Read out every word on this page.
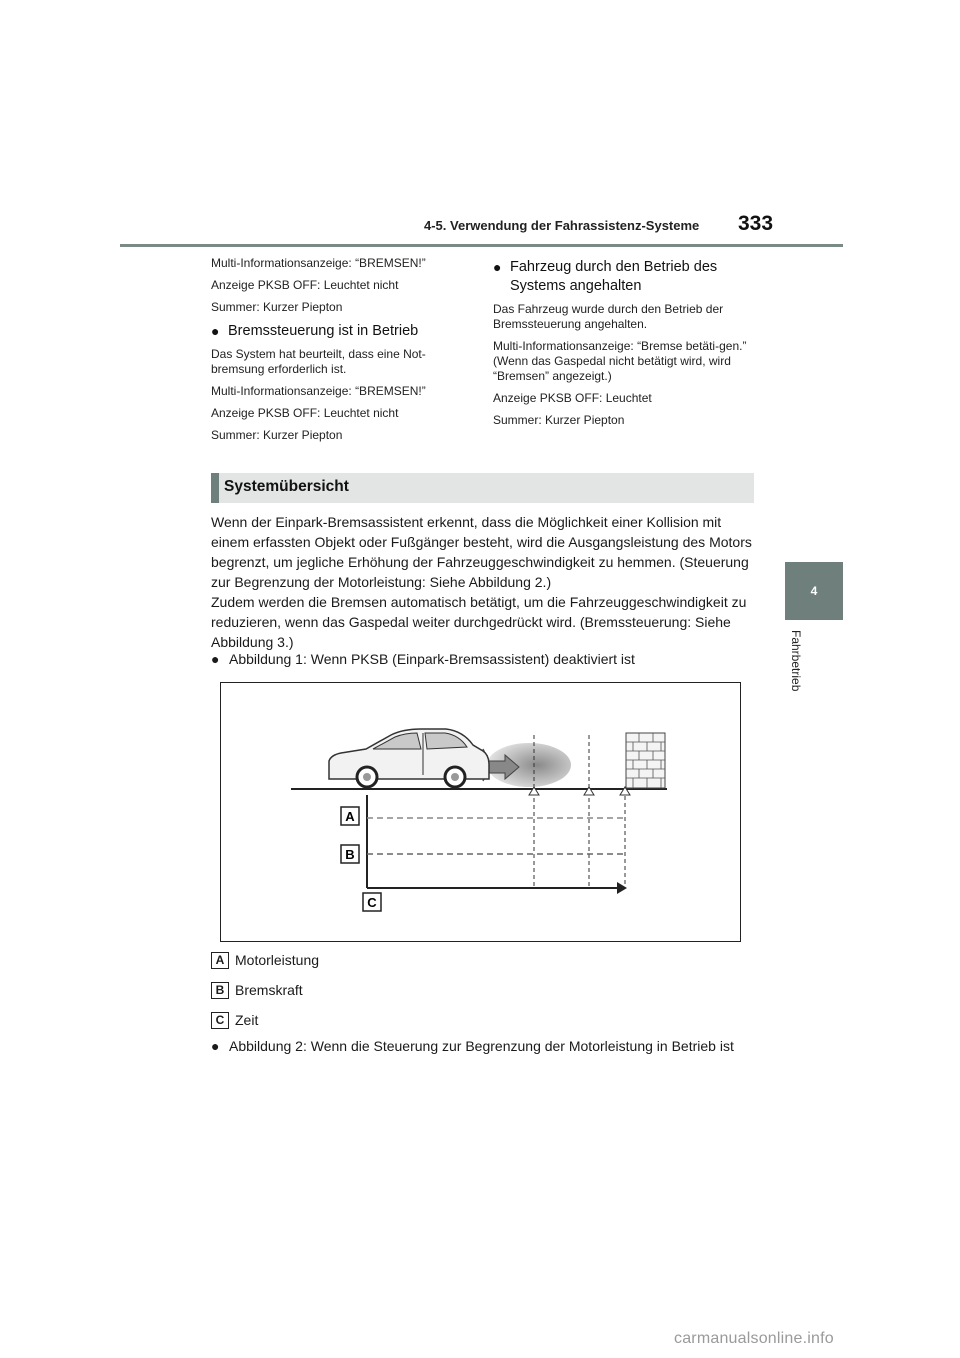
4-5. Verwendung der Fahrassistenz-Systeme 333
4
Fahrbetrieb

Multi-Informationsanzeige: “BREMSEN!”

Anzeige PKSB OFF: Leuchtet nicht

Summer: Kurzer Piepton

● Bremssteuerung ist in Betrieb

Das System hat beurteilt, dass eine Not-bremsung erforderlich ist.

Multi-Informationsanzeige: “BREMSEN!”

Anzeige PKSB OFF: Leuchtet nicht

Summer: Kurzer Piepton

● Fahrzeug durch den Betrieb des Systems angehalten

Das Fahrzeug wurde durch den Betrieb der Bremssteuerung angehalten.

Multi-Informationsanzeige: “Bremse betäti-gen.” (Wenn das Gaspedal nicht betätigt wird, wird “Bremsen” angezeigt.)

Anzeige PKSB OFF: Leuchtet

Summer: Kurzer Piepton

Systemübersicht

Wenn der Einpark-Bremsassistent erkennt, dass die Möglichkeit einer Kollision mit einem erfassten Objekt oder Fußgänger besteht, wird die Ausgangsleistung des Motors begrenzt, um jegliche Erhöhung der Fahrzeuggeschwindigkeit zu hemmen. (Steuerung zur Begrenzung der Motorleistung: Siehe Abbildung 2.)

Zudem werden die Bremsen automatisch betätigt, um die Fahrzeuggeschwindigkeit zu reduzieren, wenn das Gaspedal weiter durchgedrückt wird. (Bremssteuerung: Siehe Abbildung 3.)

● Abbildung 1: Wenn PKSB (Einpark-Bremsassistent) deaktiviert ist
A
B
C
A Motorleistung
B Bremskraft
C Zeit
● Abbildung 2: Wenn die Steuerung zur Begrenzung der Motorleistung in Betrieb ist
carmanualsonline.info
